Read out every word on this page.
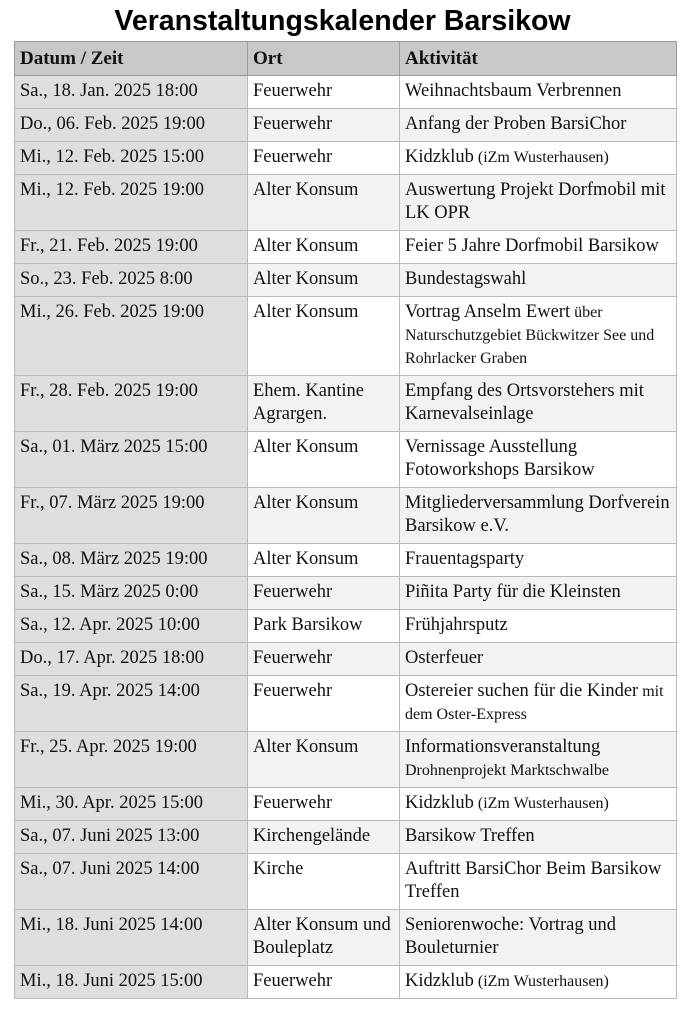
Veranstaltungskalender Barsikow
Datum / Zeit	Ort	Aktivität
Sa., 18. Jan. 2025 18:00	Feuerwehr	Weihnachtsbaum Verbrennen
Do., 06. Feb. 2025 19:00	Feuerwehr	Anfang der Proben BarsiChor
Mi., 12. Feb. 2025 15:00	Feuerwehr	Kidzklub (iZm Wusterhausen)
Mi., 12. Feb. 2025 19:00	Alter Konsum	Auswertung Projekt Dorfmobil mit LK OPR
Fr., 21. Feb. 2025 19:00	Alter Konsum	Feier 5 Jahre Dorfmobil Barsikow
So., 23. Feb. 2025 8:00	Alter Konsum	Bundestagswahl
Mi., 26. Feb. 2025 19:00	Alter Konsum	Vortrag Anselm Ewert über Naturschutzgebiet Bückwitzer See und Rohrlacker Graben
Fr., 28. Feb. 2025 19:00	Ehem. Kantine Agrargen.	Empfang des Ortsvorstehers mit Karnevalseinlage
Sa., 01. März 2025 15:00	Alter Konsum	Vernissage Ausstellung Fotoworkshops Barsikow
Fr., 07. März 2025 19:00	Alter Konsum	Mitgliederversammlung Dorfverein Barsikow e.V.
Sa., 08. März 2025 19:00	Alter Konsum	Frauentagsparty
Sa., 15. März 2025 0:00	Feuerwehr	Piñita Party für die Kleinsten
Sa., 12. Apr. 2025 10:00	Park Barsikow	Frühjahrsputz
Do., 17. Apr. 2025 18:00	Feuerwehr	Osterfeuer
Sa., 19. Apr. 2025 14:00	Feuerwehr	Ostereier suchen für die Kinder mit dem Oster-Express
Fr., 25. Apr. 2025 19:00	Alter Konsum	Informationsveranstaltung
Drohnenprojekt Marktschwalbe

Mi., 30. Apr. 2025 15:00	Feuerwehr	Kidzklub (iZm Wusterhausen)
Sa., 07. Juni 2025 13:00	Kirchengelände	Barsikow Treffen
Sa., 07. Juni 2025 14:00	Kirche	Auftritt BarsiChor Beim Barsikow Treffen
Mi., 18. Juni 2025 14:00	Alter Konsum und Bouleplatz	Seniorenwoche: Vortrag und Bouleturnier
Mi., 18. Juni 2025 15:00	Feuerwehr	Kidzklub (iZm Wusterhausen)
